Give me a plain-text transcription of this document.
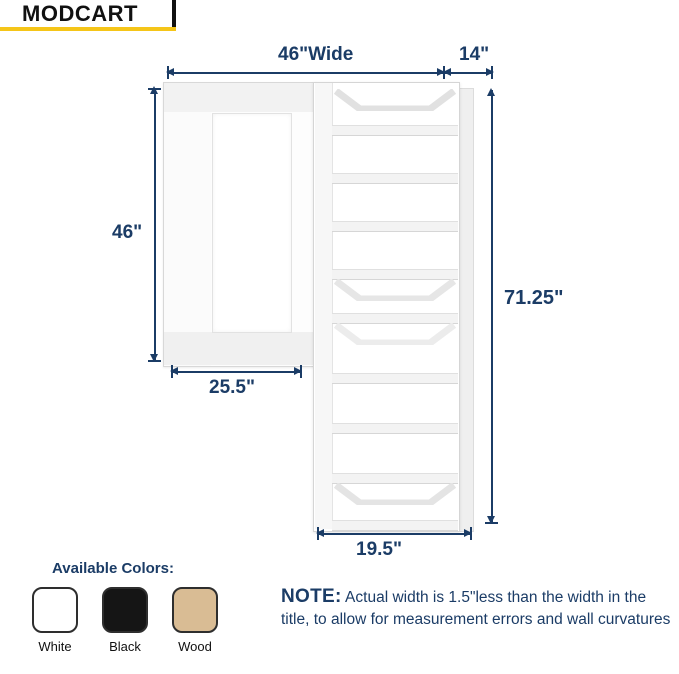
MODCART
46"Wide	14"
46"
25.5"
71.25"
19.5"
Available Colors:
White	Black	Wood
NOTE: Actual width is 1.5"less than the width in the title, to allow for measurement errors and wall curvatures
